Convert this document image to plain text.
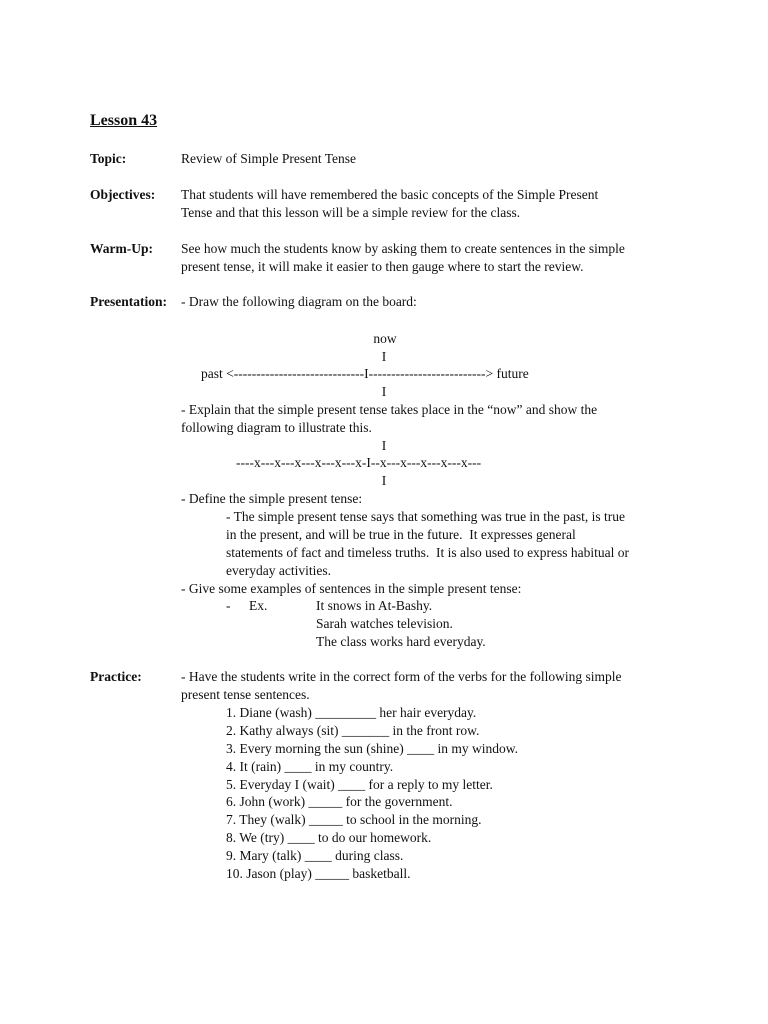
Lesson 43
Topic:	Review of Simple Present Tense
Objectives: That students will have remembered the basic concepts of the Simple Present
Tense and that this lesson will be a simple review for the class.
Warm-Up: See how much the students know by asking them to create sentences in the simple
present tense, it will make it easier to then gauge where to start the review.
Presentation: - Draw the following diagram on the board:
now
I
past <-----------------------------I--------------------------> future
I
- Explain that the simple present tense takes place in the “now” and show the
following diagram to illustrate this.
I
----x---x---x---x---x---x-I--x---x---x---x---x---
I
- Define the simple present tense:
- The simple present tense says that something was true in the past, is true
in the present, and will be true in the future.  It expresses general
statements of fact and timeless truths.  It is also used to express habitual or
everyday activities.
- Give some examples of sentences in the simple present tense:
- Ex.	It snows in At-Bashy.
Sarah watches television.
The class works hard everyday.
Practice:	- Have the students write in the correct form of the verbs for the following simple
present tense sentences.
1. Diane (wash) _________ her hair everyday.
2. Kathy always (sit) _______ in the front row.
3. Every morning the sun (shine) ____ in my window.
4. It (rain) ____ in my country.
5. Everyday I (wait) ____ for a reply to my letter.
6. John (work) _____ for the government.
7. They (walk) _____ to school in the morning.
8. We (try) ____ to do our homework.
9. Mary (talk) ____ during class.
10. Jason (play) _____ basketball.
